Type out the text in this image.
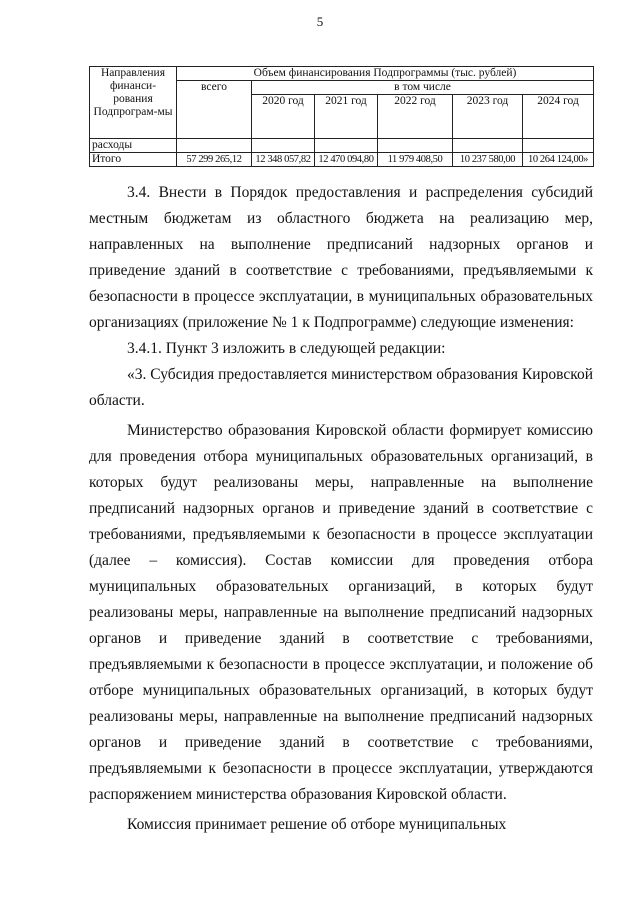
5
Направления финанси-рования Подпрограм-мы	Объем финансирования Подпрограммы (тыс. рублей)					
	всего	в том числе				
		2020 год	2021 год	2022 год	2023 год	2024 год
расходы						
Итого	57 299 265,12	12 348 057,82	12 470 094,80	11 979 408,50	10 237 580,00	10 264 124,00»

3.4. Внести в Порядок предоставления и распределения субсидий местным бюджетам из областного бюджета на реализацию мер, направленных на выполнение предписаний надзорных органов и приведение зданий в соответствие с требованиями, предъявляемыми к безопасности в процессе эксплуатации, в муниципальных образовательных организациях (приложение № 1 к Подпрограмме) следующие изменения:

3.4.1. Пункт 3 изложить в следующей редакции:

«3. Субсидия предоставляется министерством образования Кировской области.

Министерство образования Кировской области формирует комиссию для проведения отбора муниципальных образовательных организаций, в которых будут реализованы меры, направленные на выполнение предписаний надзорных органов и приведение зданий в соответствие с требованиями, предъявляемыми к безопасности в процессе эксплуатации (далее – комиссия). Состав комиссии для проведения отбора муниципальных образовательных организаций, в которых будут реализованы меры, направленные на выполнение предписаний надзорных органов и приведение зданий в соответствие с требованиями, предъявляемыми к безопасности в процессе эксплуатации, и положение об отборе муниципальных образовательных организаций, в которых будут реализованы меры, направленные на выполнение предписаний надзорных органов и приведение зданий в соответствие с требованиями, предъявляемыми к безопасности в процессе эксплуатации, утверждаются распоряжением министерства образования Кировской области.

Комиссия принимает решение об отборе муниципальных
